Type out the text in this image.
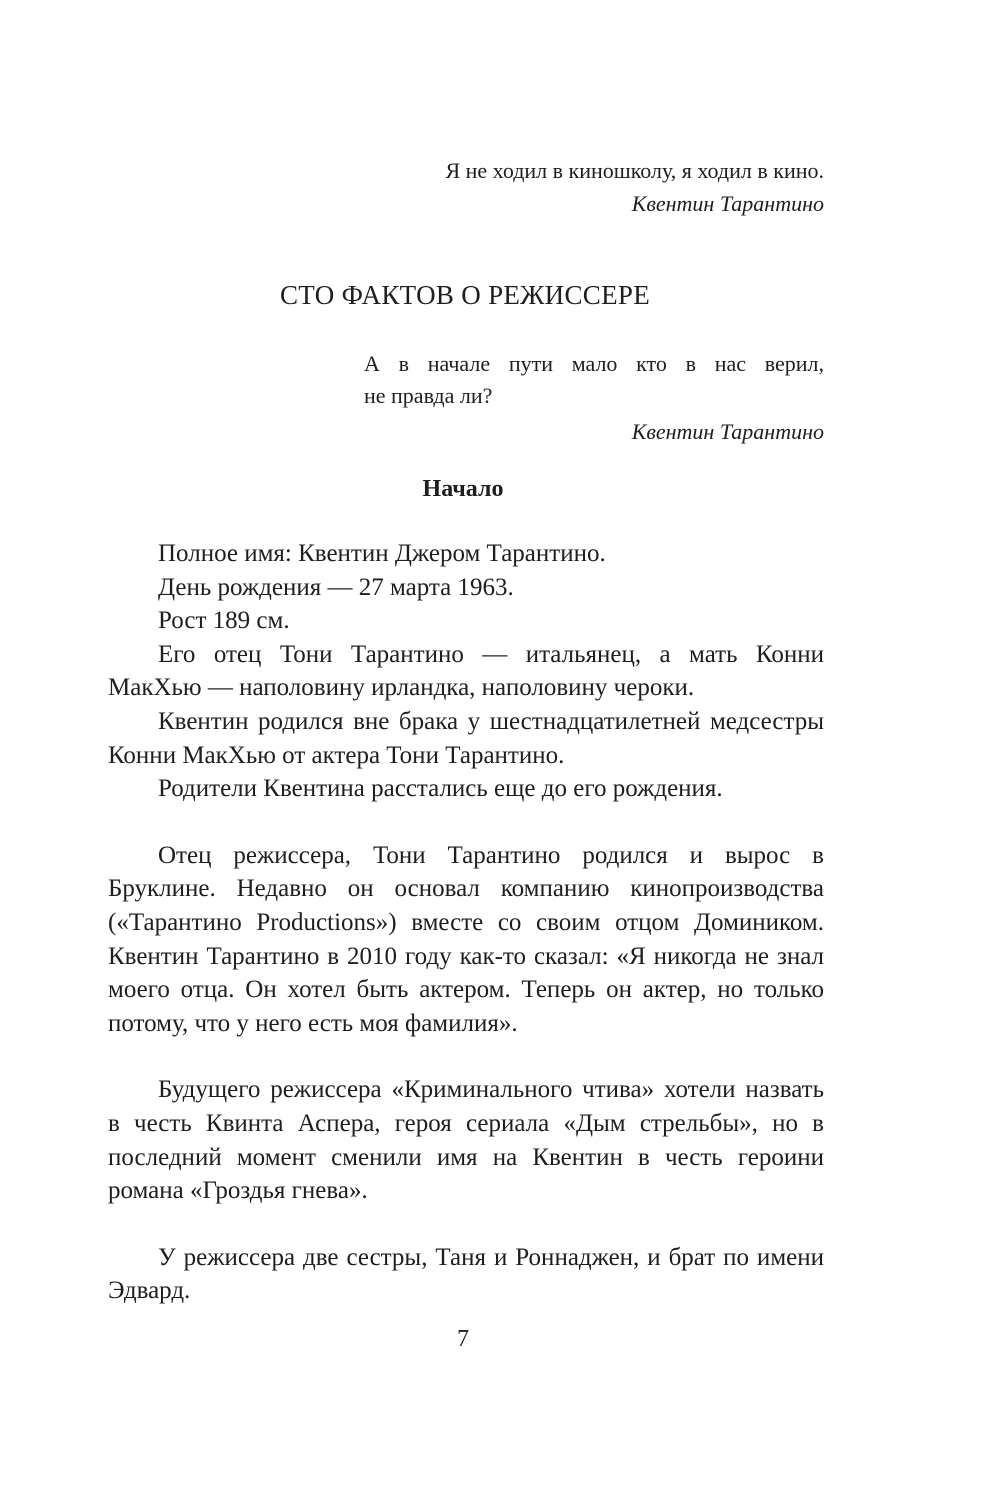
Я не ходил в киношколу, я ходил в кино.
Квентин Тарантино
СТО ФАКТОВ О РЕЖИССЕРЕ
А в начале пути мало кто в нас верил,
не правда ли?
Квентин Тарантино
Начало

Полное имя: Квентин Джером Тарантино.

День рождения — 27 марта 1963.

Рост 189 см.

Его отец Тони Тарантино — итальянец, а мать Конни МакХью — наполовину ирландка, наполовину чероки.

Квентин родился вне брака у шестнадцатилетней медсестры Конни МакХью от актера Тони Тарантино.

Родители Квентина расстались еще до его рождения.

Отец режиссера, Тони Тарантино родился и вырос в Бруклине. Недавно он основал компанию кинопроизводства («Тарантино Productions») вместе со своим отцом Домиником. Квентин Тарантино в 2010 году как-то сказал: «Я никогда не знал моего отца. Он хотел быть актером. Теперь он актер, но только потому, что у него есть моя фамилия».

Будущего режиссера «Криминального чтива» хотели назвать в честь Квинта Аспера, героя сериала «Дым стрельбы», но в последний момент сменили имя на Квентин в честь героини романа «Гроздья гнева».

У режиссера две сестры, Таня и Роннаджен, и брат по имени Эдвард.

7
